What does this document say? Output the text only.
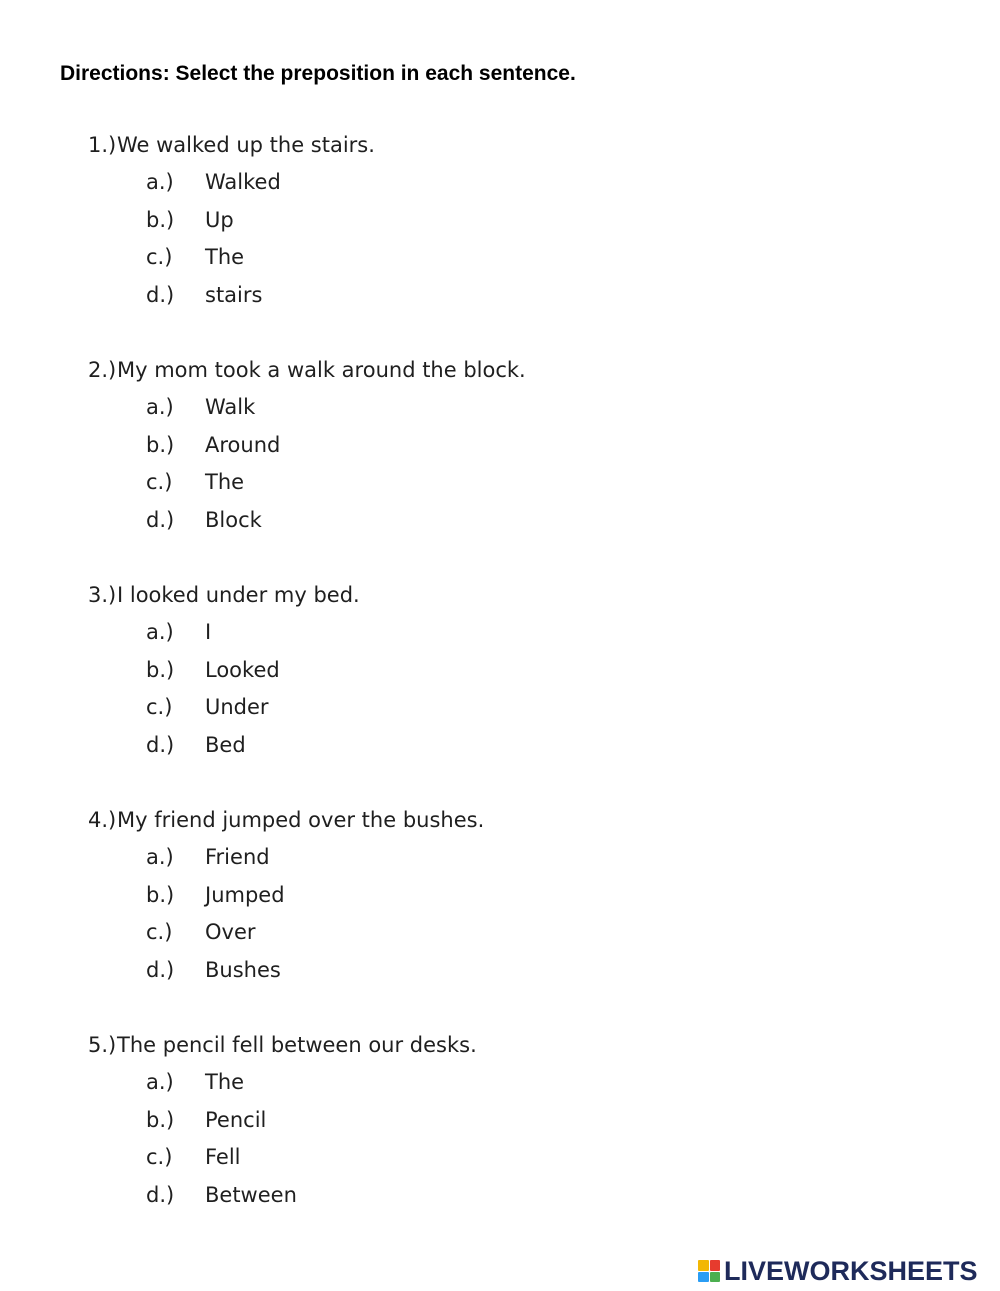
Directions: Select the preposition in each sentence.
1.) We walked up the stairs.
a.)	Walked
b.)	Up
c.)	The
d.)	stairs
2.) My mom took a walk around the block.
a.)	Walk
b.)	Around
c.)	The
d.)	Block
3.) I looked under my bed.
a.)	I
b.)	Looked
c.)	Under
d.)	Bed
4.) My friend jumped over the bushes.
a.)	Friend
b.)	Jumped
c.)	Over
d.)	Bushes
5.) The pencil fell between our desks.
a.)	The
b.)	Pencil
c.)	Fell
d.)	Between
LIVEWORKSHEETS
